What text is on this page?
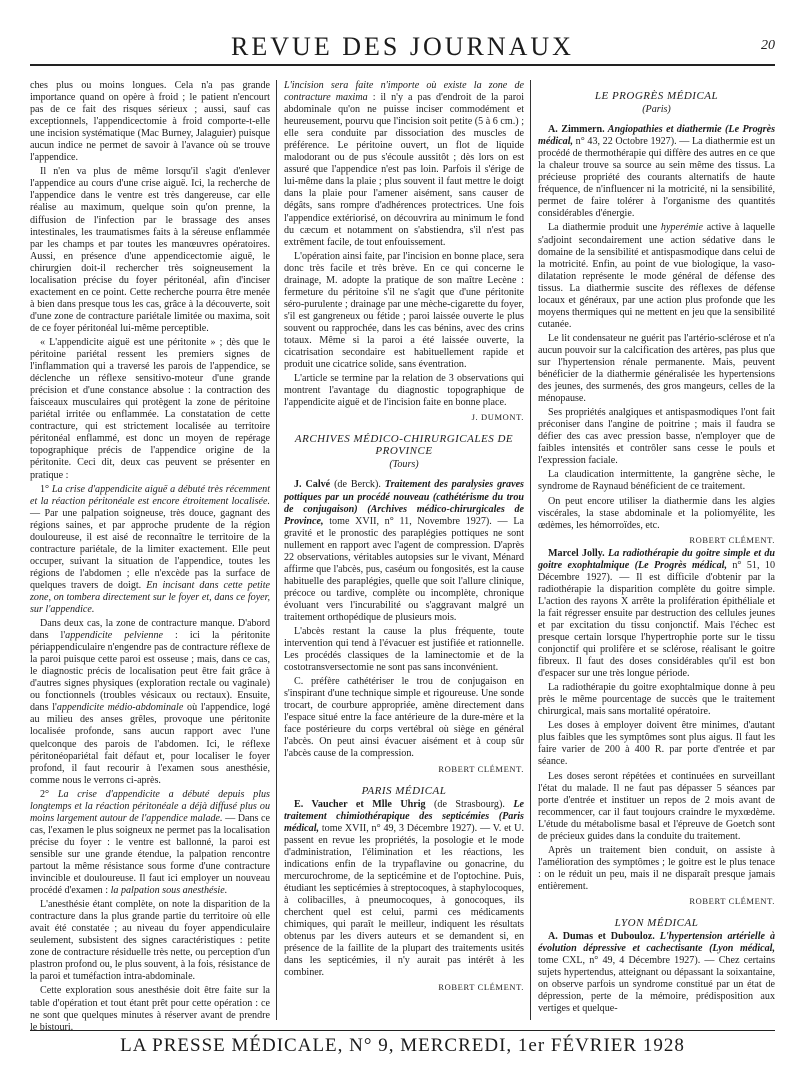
REVUE DES JOURNAUX	20

ches plus ou moins longues. Cela n'a pas grande importance quand on opère à froid ; le patient n'encourt pas de ce fait des risques sérieux ; aussi, sauf cas exceptionnels, l'appendicectomie à froid comporte-t-elle une incision systématique (Mac Burney, Jalaguier) puisque aucun indice ne permet de savoir à l'avance où se trouve l'appendice.

Il n'en va plus de même lorsqu'il s'agit d'enlever l'appendice au cours d'une crise aiguë. Ici, la recherche de l'appendice dans le ventre est très dangereuse, car elle réalise au maximum, quelque soin qu'on prenne, la diffusion de l'infection par le brassage des anses intestinales, les traumatismes faits à la séreuse enflammée par les champs et par toutes les manœuvres opératoires. Aussi, en présence d'une appendicectomie aiguë, le chirurgien doit-il rechercher très soigneusement la localisation précise du foyer péritonéal, afin d'inciser exactement en ce point. Cette recherche pourra être menée à bien dans presque tous les cas, grâce à la découverte, soit d'une zone de contracture pariétale limitée ou maxima, soit de ce foyer péritonéal lui-même perceptible.

« L'appendicite aiguë est une péritonite » ; dès que le péritoine pariétal ressent les premiers signes de l'inflammation qui a traversé les parois de l'appendice, se déclenche un réflexe sensitivo-moteur d'une grande précision et d'une constance absolue : la contraction des faisceaux musculaires qui protègent la zone de péritoine pariétal irritée ou enflammée. La constatation de cette contracture, qui est strictement localisée au territoire péritonéal enflammé, est donc un moyen de repérage topographique précis de l'appendice origine de la péritonite. Ceci dit, deux cas peuvent se présenter en pratique :

1° La crise d'appendicite aiguë a débuté très récemment et la réaction péritonéale est encore étroitement localisée. — Par une palpation soigneuse, très douce, gagnant des régions saines, et par approche prudente de la région douloureuse, il est aisé de reconnaître le territoire de la contracture pariétale, de la limiter exactement. Elle peut occuper, suivant la situation de l'appendice, toutes les régions de l'abdomen ; elle n'excède pas la surface de quelques travers de doigt. En incisant dans cette petite zone, on tombera directement sur le foyer et, dans ce foyer, sur l'appendice.

Dans deux cas, la zone de contracture manque. D'abord dans l'appendicite pelvienne : ici la péritonite périappendiculaire n'engendre pas de contracture réflexe de la paroi puisque cette paroi est osseuse ; mais, dans ce cas, le diagnostic précis de localisation peut être fait grâce à d'autres signes physiques (exploration rectale ou vaginale) ou fonctionnels (troubles vésicaux ou rectaux). Ensuite, dans l'appendicite médio-abdominale où l'appendice, logé au milieu des anses grêles, provoque une péritonite localisée profonde, sans aucun rapport avec l'une quelconque des parois de l'abdomen. Ici, le réflexe péritonéopariétal fait défaut et, pour localiser le foyer profond, il faut recourir à l'examen sous anesthésie, comme nous le verrons ci-après.

2° La crise d'appendicite a débuté depuis plus longtemps et la réaction péritonéale a déjà diffusé plus ou moins largement autour de l'appendice malade. — Dans ce cas, l'examen le plus soigneux ne permet pas la localisation précise du foyer : le ventre est ballonné, la paroi est sensible sur une grande étendue, la palpation rencontre partout la même résistance sous forme d'une contracture invincible et douloureuse. Il faut ici employer un nouveau procédé d'examen : la palpation sous anesthésie.

L'anesthésie étant complète, on note la disparition de la contracture dans la plus grande partie du territoire où elle avait été constatée ; au niveau du foyer appendiculaire seulement, subsistent des signes caractéristiques : petite zone de contracture résiduelle très nette, ou perception d'un plastron profond ou, le plus souvent, à la fois, résistance de la paroi et tuméfaction intra-abdominale.

Cette exploration sous anesthésie doit être faite sur la table d'opération et tout étant prêt pour cette opération : ce ne sont que quelques minutes à réserver avant de prendre le bistouri.

L'incision sera faite n'importe où existe la zone de contracture maxima : il n'y a pas d'endroit de la paroi abdominale qu'on ne puisse inciser commodément et heureusement, pourvu que l'incision soit petite (5 à 6 cm.) ; elle sera conduite par dissociation des muscles de préférence. Le péritoine ouvert, un flot de liquide malodorant ou de pus s'écoule aussitôt ; dès lors on est assuré que l'appendice n'est pas loin. Parfois il s'érige de lui-même dans la plaie ; plus souvent il faut mettre le doigt dans la plaie pour l'amener aisément, sans causer de dégâts, sans rompre d'adhérences protectrices. Une fois l'appendice extériorisé, on découvrira au minimum le fond du cæcum et notamment on s'abstiendra, s'il n'est pas extrêment facile, de tout enfouissement.

L'opération ainsi faite, par l'incision en bonne place, sera donc très facile et très brève. En ce qui concerne le drainage, M. adopte la pratique de son maître Lecène : fermeture du péritoine s'il ne s'agit que d'une péritonite séro-purulente ; drainage par une mèche-cigarette du foyer, s'il est gangreneux ou fétide ; paroi laissée ouverte le plus souvent ou rapprochée, dans les cas bénins, avec des crins totaux. Même si la paroi a été laissée ouverte, la cicatrisation secondaire est habituellement rapide et produit une cicatrice solide, sans éventration.

L'article se termine par la relation de 3 observations qui montrent l'avantage du diagnostic topographique de l'appendicite aiguë et de l'incision faite en bonne place.

J. DUMONT.

ARCHIVES MÉDICO-CHIRURGICALES DE PROVINCE
(Tours)

J. Calvé (de Berck). Traitement des paralysies graves pottiques par un procédé nouveau (cathétérisme du trou de conjugaison) (Archives médico-chirurgicales de Province, tome XVII, n° 11, Novembre 1927). — La gravité et le pronostic des paraplégies pottiques ne sont nullement en rapport avec l'agent de compression. D'après 22 observations, véritables autopsies sur le vivant, Ménard affirme que l'abcès, pus, caséum ou fongosités, est la cause habituelle des paraplégies, quelle que soit l'allure clinique, précoce ou tardive, complète ou incomplète, chronique évoluant vers l'incurabilité ou s'aggravant malgré un traitement orthopédique de plusieurs mois.

L'abcès restant la cause la plus fréquente, toute intervention qui tend à l'évacuer est justifiée et rationnelle. Les procédés classiques de la laminectomie et de la costotransversectomie ne sont pas sans inconvénient.

C. préfère cathétériser le trou de conjugaison en s'inspirant d'une technique simple et rigoureuse. Une sonde trocart, de courbure appropriée, amène directement dans l'espace situé entre la face antérieure de la dure-mère et la face postérieure du corps vertébral où siège en général l'abcès. On peut ainsi évacuer aisément et à coup sûr l'abcès cause de la compression.

ROBERT CLÉMENT.

PARIS MÉDICAL

E. Vaucher et Mlle Uhrig (de Strasbourg). Le traitement chimiothérapique des septicémies (Paris médical, tome XVII, n° 49, 3 Décembre 1927). — V. et U. passent en revue les propriétés, la posologie et le mode d'administration, l'élimination et les réactions, les indications enfin de la trypaflavine ou gonacrine, du mercurochrome, de la septicémine et de l'optochine. Puis, étudiant les septicémies à streptocoques, à staphylocoques, à colibacilles, à pneumocoques, à gonocoques, ils cherchent quel est celui, parmi ces médicaments chimiques, qui paraît le meilleur, indiquent les résultats obtenus par les divers auteurs et se demandent si, en présence de la faillite de la plupart des traitements usités dans les septicémies, il n'y aurait pas intérêt à les combiner.

ROBERT CLÉMENT.

LE PROGRÈS MÉDICAL
(Paris)

A. Zimmern. Angiopathies et diathermie (Le Progrès médical, n° 43, 22 Octobre 1927). — La diathermie est un procédé de thermothérapie qui diffère des autres en ce que la chaleur trouve sa source au sein même des tissus. La précieuse propriété des courants alternatifs de haute fréquence, de n'influencer ni la motricité, ni la sensibilité, permet de faire tolérer à l'organisme des quantités considérables d'énergie.

La diathermie produit une hyperémie active à laquelle s'adjoint secondairement une action sédative dans le domaine de la sensibilité et antispasmodique dans celui de la motricité. Enfin, au point de vue biologique, la vaso-dilatation représente le mode général de défense des tissus. La diathermie suscite des réflexes de défense locaux et généraux, par une action plus profonde que les moyens thermiques qui ne mettent en jeu que la sensibilité cutanée.

Le lit condensateur ne guérit pas l'artério-sclérose et n'a aucun pouvoir sur la calcification des artères, pas plus que sur l'hypertension rénale permanente. Mais, peuvent bénéficier de la diathermie généralisée les hypertensions des jeunes, des surmenés, des gros mangeurs, celles de la ménopause.

Ses propriétés analgiques et antispasmodiques l'ont fait préconiser dans l'angine de poitrine ; mais il faudra se défier des cas avec pression basse, n'employer que de faibles intensités et contrôler sans cesse le pouls et l'expression faciale.

La claudication intermittente, la gangrène sèche, le syndrome de Raynaud bénéficient de ce traitement.

On peut encore utiliser la diathermie dans les algies viscérales, la stase abdominale et la poliomyélite, les œdèmes, les hémorroïdes, etc.

ROBERT CLÉMENT.

Marcel Jolly. La radiothérapie du goitre simple et du goitre exophtalmique (Le Progrès médical, n° 51, 10 Décembre 1927). — Il est difficile d'obtenir par la radiothérapie la disparition complète du goitre simple. L'action des rayons X arrête la prolifération épithéliale et la fait régresser ensuite par destruction des cellules jeunes et par excitation du tissu conjonctif. Mais l'échec est presque certain lorsque l'hypertrophie porte sur le tissu conjonctif qui prolifère et se sclérose, réalisant le goitre fibreux. Il faut des doses considérables qu'il est bon d'espacer sur une très longue période.

La radiothérapie du goitre exophtalmique donne à peu près le même pourcentage de succès que le traitement chirurgical, mais sans mortalité opératoire.

Les doses à employer doivent être minimes, d'autant plus faibles que les symptômes sont plus aigus. Il faut les faire varier de 200 à 400 R. par porte d'entrée et par séance.

Les doses seront répétées et continuées en surveillant l'état du malade. Il ne faut pas dépasser 5 séances par porte d'entrée et instituer un repos de 2 mois avant de recommencer, car il faut toujours craindre le myxœdème. L'étude du métabolisme basal et l'épreuve de Goetch sont de précieux guides dans la conduite du traitement.

Après un traitement bien conduit, on assiste à l'amélioration des symptômes ; le goitre est le plus tenace : on le réduit un peu, mais il ne disparaît presque jamais entièrement.

ROBERT CLÉMENT.

LYON MÉDICAL

A. Dumas et Dubouloz. L'hypertension artérielle à évolution dépressive et cachectisante (Lyon médical, tome CXL, n° 49, 4 Décembre 1927). — Chez certains sujets hypertendus, atteignant ou dépassant la soixantaine, on observe parfois un syndrome constitué par un état de dépression, perte de la mémoire, prédisposition aux vertiges et quelque-

LA PRESSE MÉDICALE, N° 9, MERCREDI, 1er FÉVRIER 1928
